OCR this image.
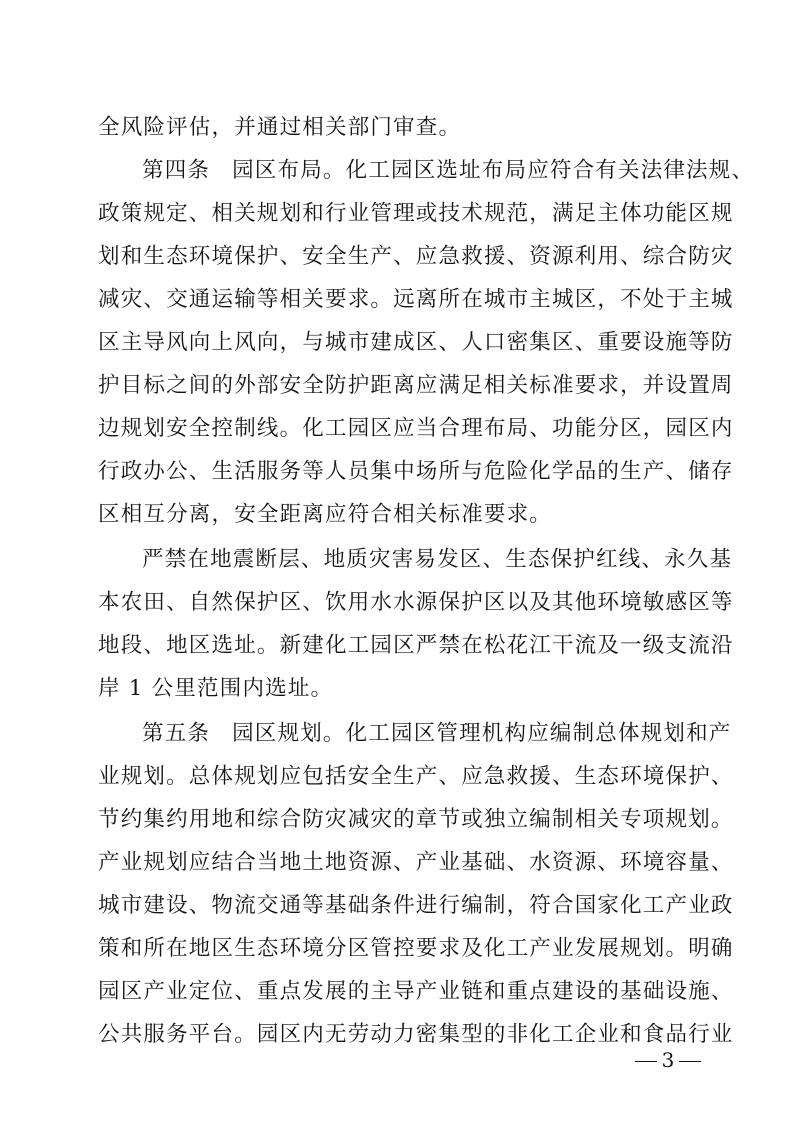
全风险评估，并通过相关部门审查。
第四条 园区布局。化工园区选址布局应符合有关法律法规、
政策规定、相关规划和行业管理或技术规范，满足主体功能区规
划和生态环境保护、安全生产、应急救援、资源利用、综合防灾
减灾、交通运输等相关要求。远离所在城市主城区，不处于主城
区主导风向上风向，与城市建成区、人口密集区、重要设施等防
护目标之间的外部安全防护距离应满足相关标准要求，并设置周
边规划安全控制线。化工园区应当合理布局、功能分区，园区内
行政办公、生活服务等人员集中场所与危险化学品的生产、储存
区相互分离，安全距离应符合相关标准要求。
严禁在地震断层、地质灾害易发区、生态保护红线、永久基
本农田、自然保护区、饮用水水源保护区以及其他环境敏感区等
地段、地区选址。新建化工园区严禁在松花江干流及一级支流沿
岸 1 公里范围内选址。
第五条 园区规划。化工园区管理机构应编制总体规划和产
业规划。总体规划应包括安全生产、应急救援、生态环境保护、
节约集约用地和综合防灾减灾的章节或独立编制相关专项规划。
产业规划应结合当地土地资源、产业基础、水资源、环境容量、
城市建设、物流交通等基础条件进行编制，符合国家化工产业政
策和所在地区生态环境分区管控要求及化工产业发展规划。明确
园区产业定位、重点发展的主导产业链和重点建设的基础设施、
公共服务平台。园区内无劳动力密集型的非化工企业和食品行业
3
